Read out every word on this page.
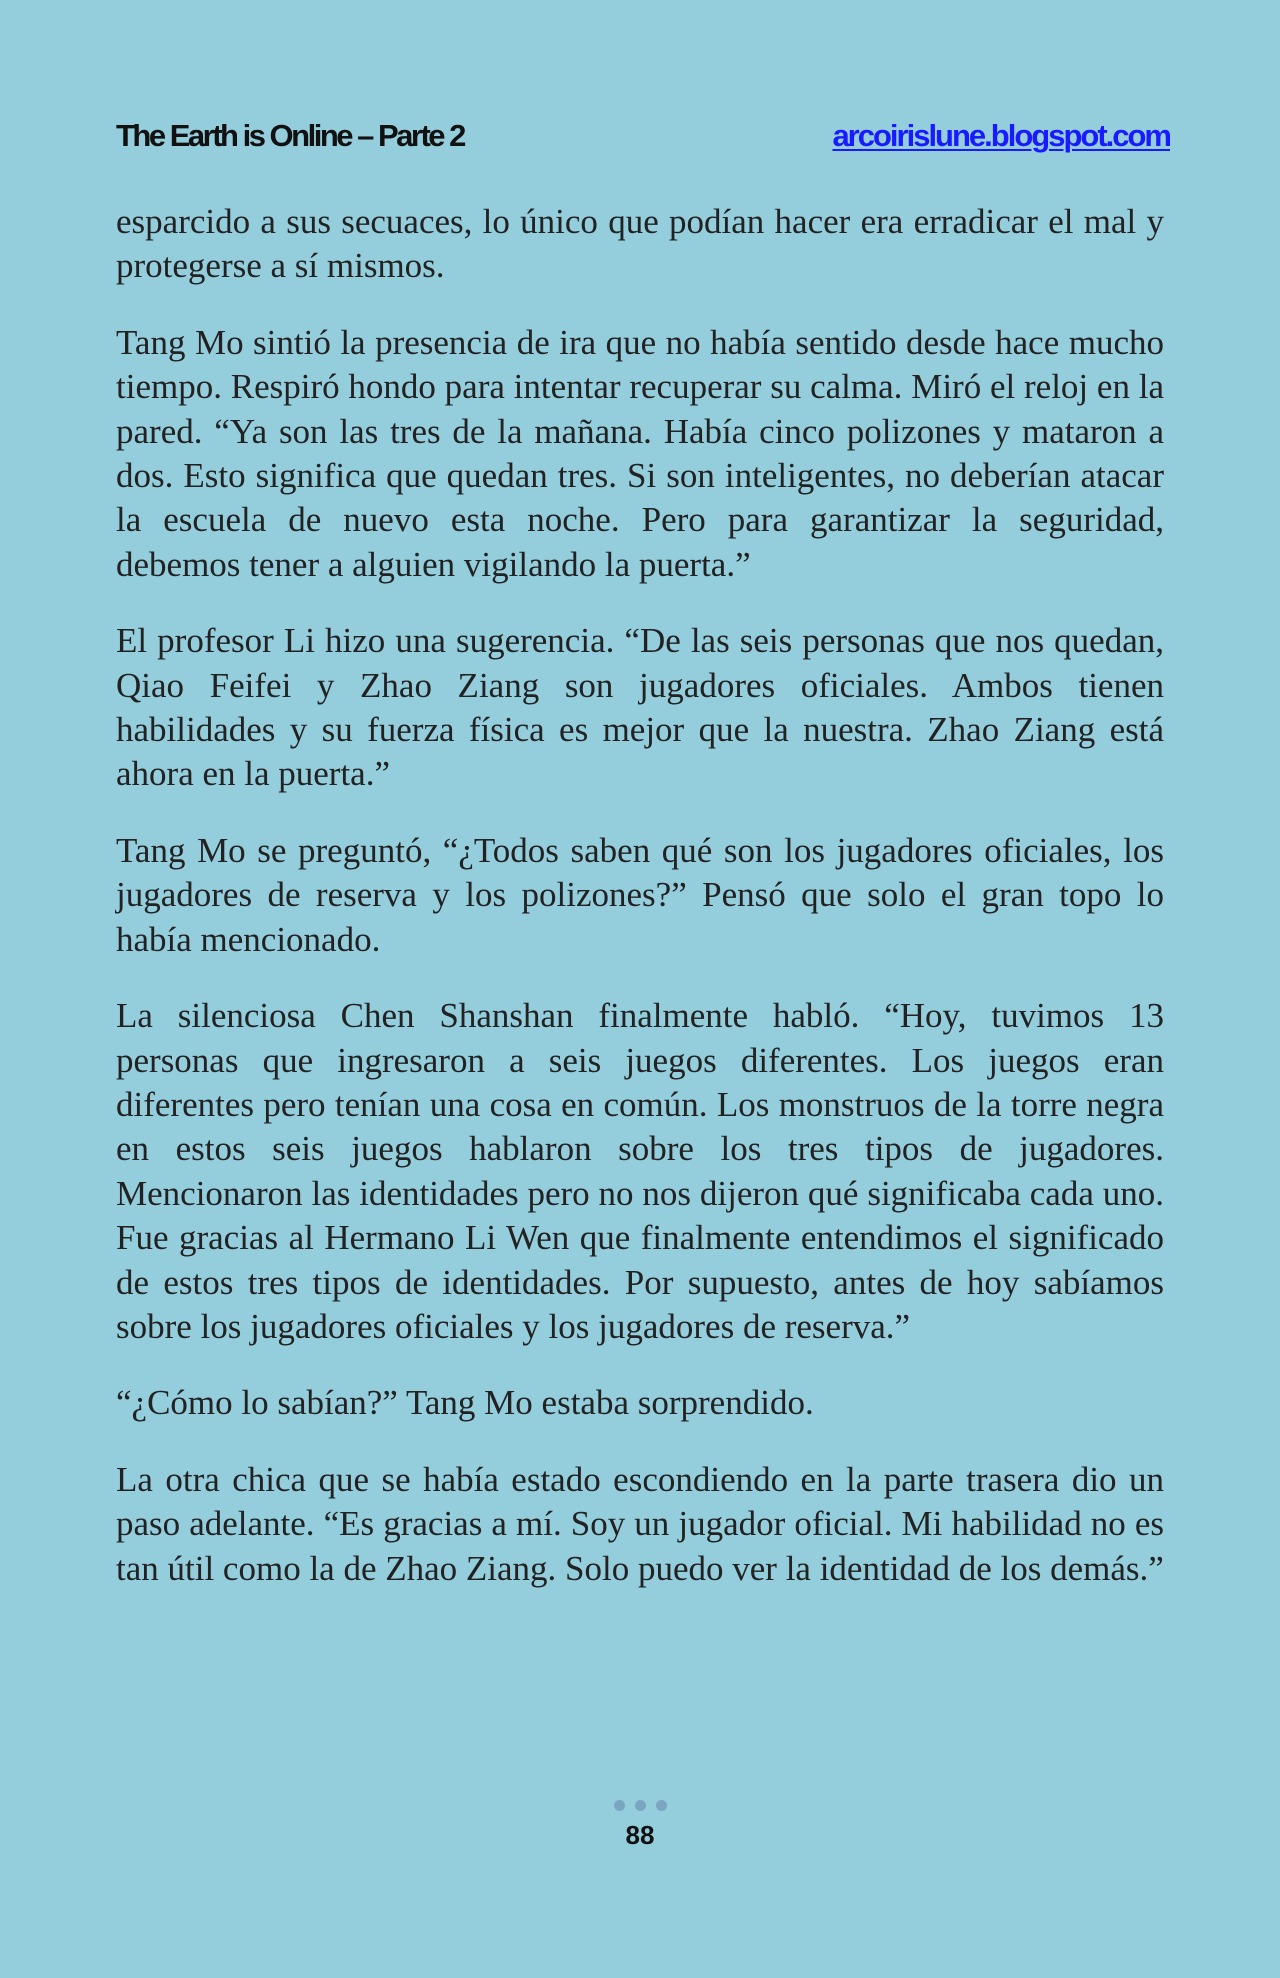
The Earth is Online – Parte 2	arcoirislune.blogspot.com

esparcido a sus secuaces, lo único que podían hacer era erradicar el mal y protegerse a sí mismos.

Tang Mo sintió la presencia de ira que no había sentido desde hace mucho tiempo. Respiró hondo para intentar recuperar su calma. Miró el reloj en la pared. “Ya son las tres de la mañana. Había cinco polizones y mataron a dos. Esto significa que quedan tres. Si son inteligentes, no deberían atacar la escuela de nuevo esta noche. Pero para garantizar la seguridad, debemos tener a alguien vigilando la puerta.”

El profesor Li hizo una sugerencia. “De las seis personas que nos quedan, Qiao Feifei y Zhao Ziang son jugadores oficiales. Ambos tienen habilidades y su fuerza física es mejor que la nuestra. Zhao Ziang está ahora en la puerta.”

Tang Mo se preguntó, “¿Todos saben qué son los jugadores oficiales, los jugadores de reserva y los polizones?” Pensó que solo el gran topo lo había mencionado.

La silenciosa Chen Shanshan finalmente habló. “Hoy, tuvimos 13 personas que ingresaron a seis juegos diferentes. Los juegos eran diferentes pero tenían una cosa en común. Los monstruos de la torre negra en estos seis juegos hablaron sobre los tres tipos de jugadores. Mencionaron las identidades pero no nos dijeron qué significaba cada uno. Fue gracias al Hermano Li Wen que finalmente entendimos el significado de estos tres tipos de identidades. Por supuesto, antes de hoy sabíamos sobre los jugadores oficiales y los jugadores de reserva.”

“¿Cómo lo sabían?” Tang Mo estaba sorprendido.

La otra chica que se había estado escondiendo en la parte trasera dio un paso adelante. “Es gracias a mí. Soy un jugador oficial. Mi habilidad no es tan útil como la de Zhao Ziang. Solo puedo ver la identidad de los demás.”

88
